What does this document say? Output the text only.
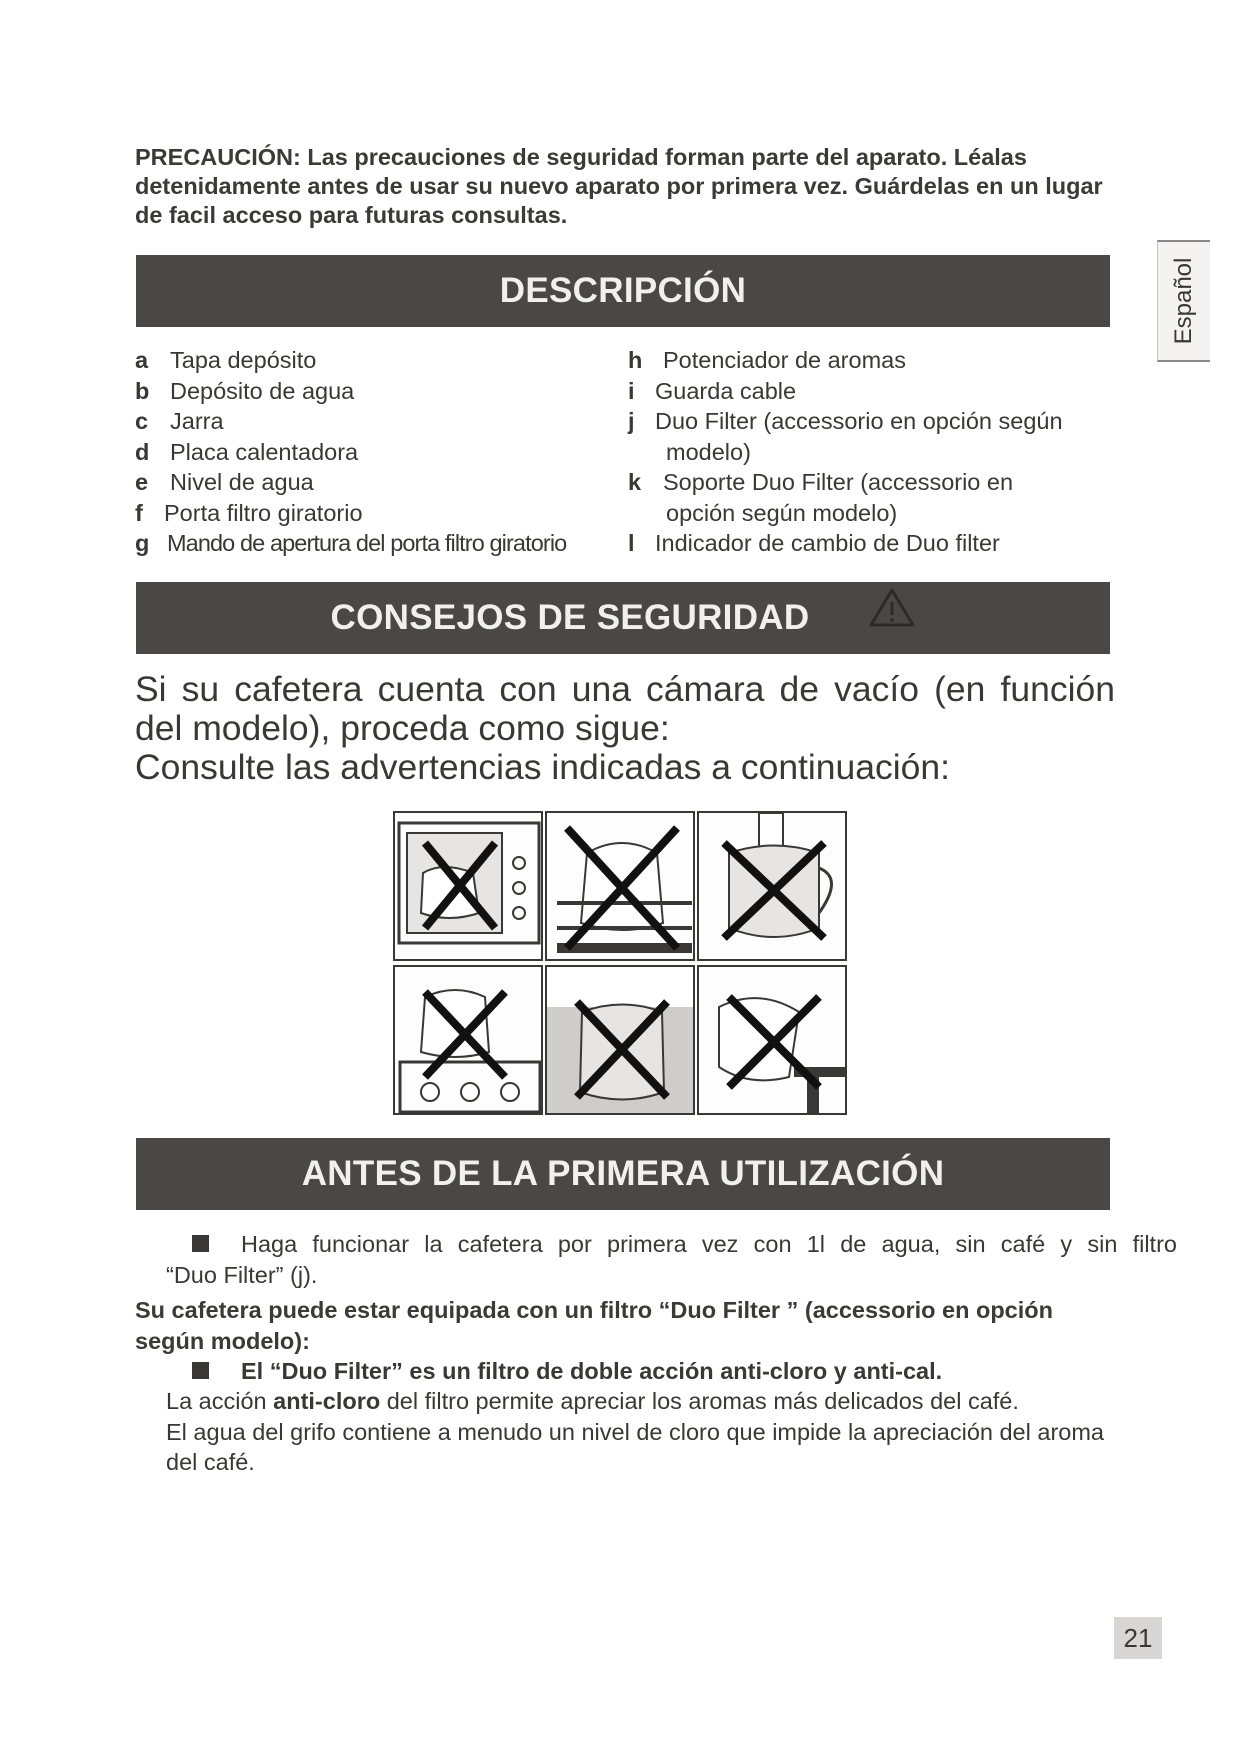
PRECAUCIÓN: Las precauciones de seguridad forman parte del aparato. Léalas detenidamente antes de usar su nuevo aparato por primera vez. Guárdelas en un lugar de facil acceso para futuras consultas.
Español
DESCRIPCIÓN
a Tapa depósito
b Depósito de agua
c Jarra
d Placa calentadora
e Nivel de agua
f Porta filtro giratorio
g Mando de apertura del porta filtro giratorio
h Potenciador de aromas
i Guarda cable
j Duo Filter (accessorio en opción según
modelo)
k Soporte Duo Filter (accessorio en
opción según modelo)
l Indicador de cambio de Duo filter
CONSEJOS DE SEGURIDAD

Si su cafetera cuenta con una cámara de vacío (en función del modelo), proceda como sigue:

Consulte las advertencias indicadas a continuación:

ANTES DE LA PRIMERA UTILIZACIÓN
Haga funcionar la cafetera por primera vez con 1l de agua, sin café y sin filtro
“Duo Filter” (j).
Su cafetera puede estar equipada con un filtro “Duo Filter ” (accessorio en opción según modelo):
El “Duo Filter” es un filtro de doble acción anti-cloro y anti-cal.
La acción anti-cloro del filtro permite apreciar los aromas más delicados del café.
El agua del grifo contiene a menudo un nivel de cloro que impide la apreciación del aroma del café.
21
